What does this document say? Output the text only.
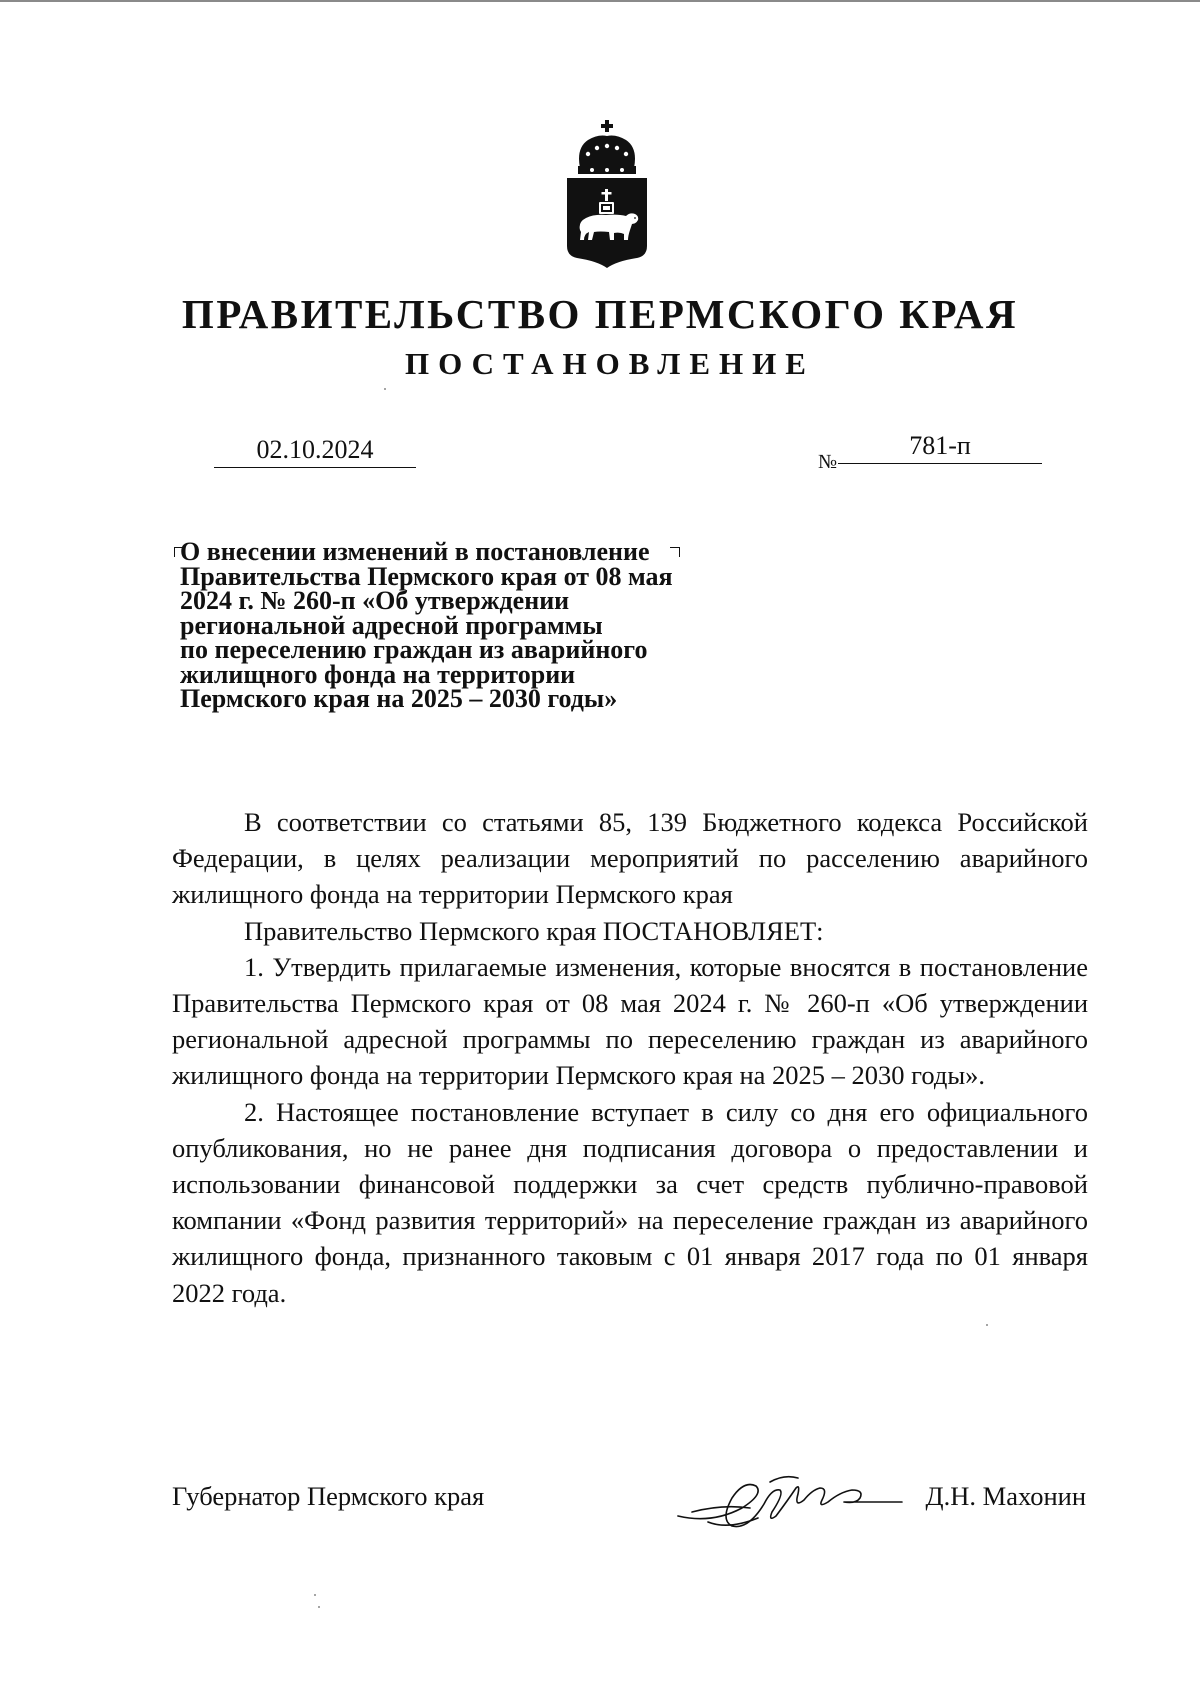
ПРАВИТЕЛЬСТВО ПЕРМСКОГО КРАЯ
ПОСТАНОВЛЕНИЕ
02.10.2024	№
781-п
О внесении изменений в постановление
Правительства Пермского края от 08 мая
2024 г. № 260-п «Об утверждении
региональной адресной программы
по переселению граждан из аварийного
жилищного фонда на территории
Пермского края на 2025 – 2030 годы»

В соответствии со статьями 85, 139 Бюджетного кодекса Российской Федерации, в целях реализации мероприятий по расселению аварийного жилищного фонда на территории Пермского края

Правительство Пермского края ПОСТАНОВЛЯЕТ:

1. Утвердить прилагаемые изменения, которые вносятся в постановление Правительства Пермского края от 08 мая 2024 г. № 260-п «Об утверждении региональной адресной программы по переселению граждан из аварийного жилищного фонда на территории Пермского края на 2025 – 2030 годы».

2. Настоящее постановление вступает в силу со дня его официального опубликования, но не ранее дня подписания договора о предоставлении и использовании финансовой поддержки за счет средств публично-правовой компании «Фонд развития территорий» на переселение граждан из аварийного жилищного фонда, признанного таковым с 01 января 2017 года по 01 января 2022 года.

Губернатор Пермского края	Д.Н. Махонин
